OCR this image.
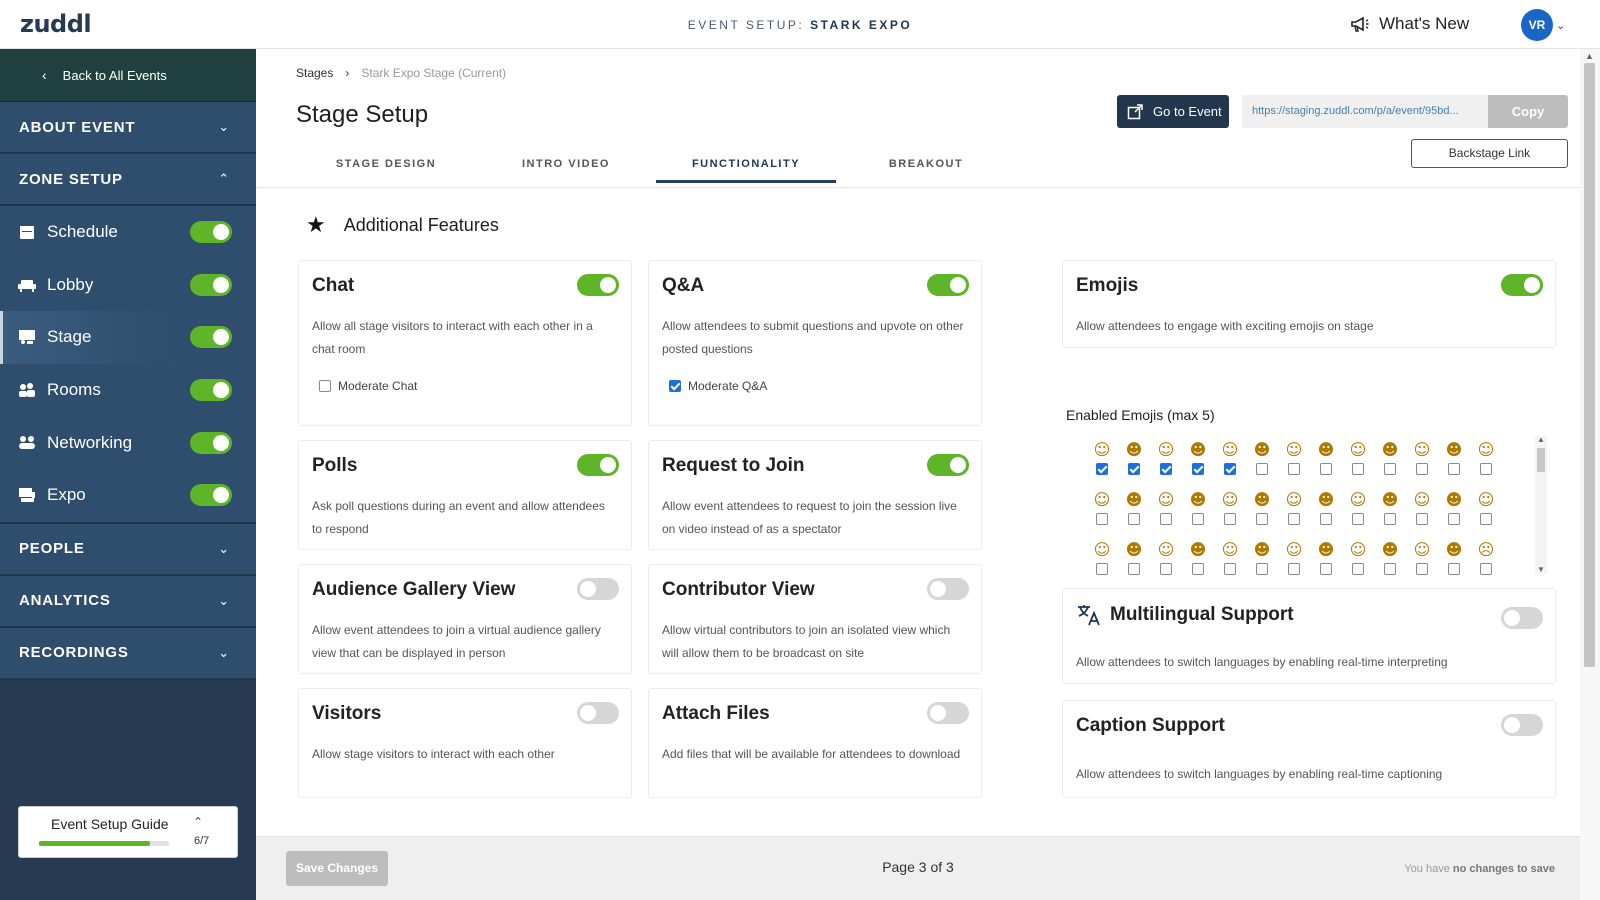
zuddl	EVENT SETUP: STARK EXPO	What's New	VR ⌄
‹ Back to All Events
ABOUT EVENT	⌄
ZONE SETUP	⌃
Schedule
Lobby
Stage
Rooms
Networking
Expo
PEOPLE	⌄
ANALYTICS	⌄
RECORDINGS	⌄
Event Setup Guide ⌃
6/7
Stages › Stark Expo Stage (Current)
Stage Setup
STAGE DESIGN	INTRO VIDEO	FUNCTIONALITY	BREAKOUT
Go to Event	https://staging.zuddl.com/p/a/event/95bd...	Copy
Backstage Link
★ Additional Features
Chat
Allow all stage visitors to interact with each other in a chat room
Moderate Chat
Polls
Ask poll questions during an event and allow attendees to respond
Audience Gallery View
Allow event attendees to join a virtual audience gallery view that can be displayed in person
Visitors
Allow stage visitors to interact with each other
Q&A
Allow attendees to submit questions and upvote on other posted questions
Moderate Q&A
Request to Join
Allow event attendees to request to join the session live on video instead of as a spectator
Contributor View
Allow virtual contributors to join an isolated view which will allow them to be broadcast on site
Attach Files
Add files that will be available for attendees to download
Emojis
Allow attendees to engage with exciting emojis on stage
Enabled Emojis (max 5)
☺ ☻ ☺ ☻ ☺ ☻ ☺ ☻ ☺ ☻ ☺ ☻ ☺
☺ ☻ ☺ ☻ ☺ ☻ ☺ ☻ ☺ ☻ ☺ ☻ ☺
☺ ☻ ☺ ☻ ☺ ☻ ☺ ☻ ☺ ☻ ☺ ☻ ☹
▲
▼
Multilingual Support
Allow attendees to switch languages by enabling real-time interpreting
Caption Support
Allow attendees to switch languages by enabling real-time captioning
▲
Save Changes	Page 3 of 3	You have no changes to save
